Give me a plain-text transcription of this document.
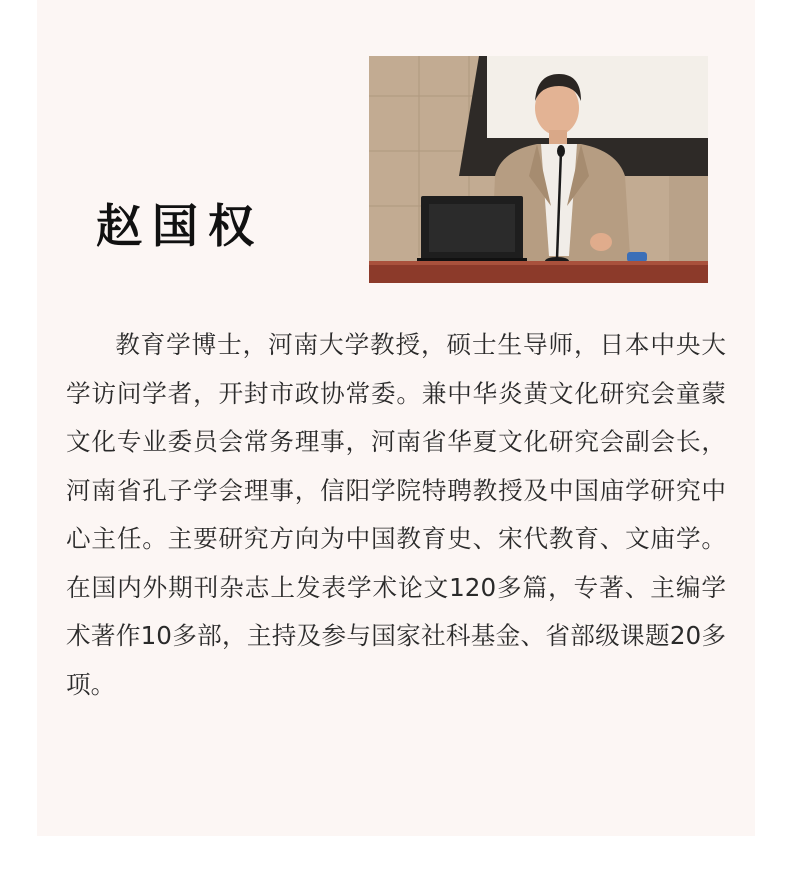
赵国权

教育学博士，河南大学教授，硕士生导师，日本中央大学访问学者，开封市政协常委。兼中华炎黄文化研究会童蒙文化专业委员会常务理事，河南省华夏文化研究会副会长，河南省孔子学会理事，信阳学院特聘教授及中国庙学研究中心主任。主要研究方向为中国教育史、宋代教育、文庙学。在国内外期刊杂志上发表学术论文120多篇，专著、主编学术著作10多部，主持及参与国家社科基金、省部级课题20多项。
